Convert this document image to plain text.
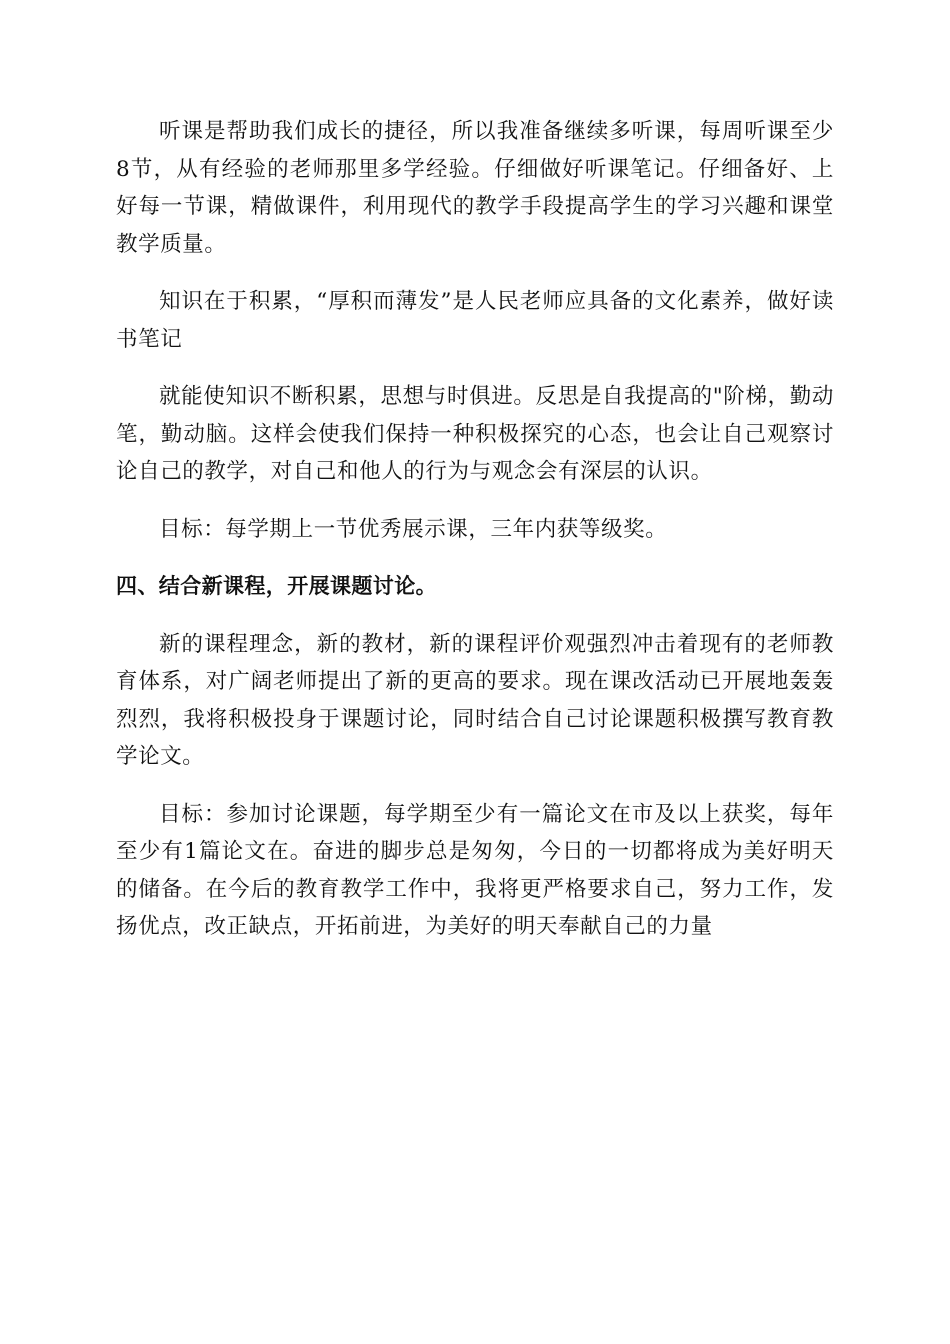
听课是帮助我们成长的捷径，所以我准备继续多听课，每周听课至少8节，从有经验的老师那里多学经验。仔细做好听课笔记。仔细备好、上好每一节课，精做课件，利用现代的教学手段提高学生的学习兴趣和课堂教学质量。

知识在于积累，“厚积而薄发”是人民老师应具备的文化素养，做好读书笔记

就能使知识不断积累，思想与时俱进。反思是自我提高的"阶梯，勤动笔，勤动脑。这样会使我们保持一种积极探究的心态，也会让自己观察讨论自己的教学，对自己和他人的行为与观念会有深层的认识。

目标：每学期上一节优秀展示课，三年内获等级奖。

四、结合新课程，开展课题讨论。

新的课程理念，新的教材，新的课程评价观强烈冲击着现有的老师教育体系，对广阔老师提出了新的更高的要求。现在课改活动已开展地轰轰烈烈，我将积极投身于课题讨论，同时结合自己讨论课题积极撰写教育教学论文。

目标：参加讨论课题，每学期至少有一篇论文在市及以上获奖，每年至少有1篇论文在。奋进的脚步总是匆匆，今日的一切都将成为美好明天的储备。在今后的教育教学工作中，我将更严格要求自己，努力工作，发扬优点，改正缺点，开拓前进，为美好的明天奉献自己的力量
